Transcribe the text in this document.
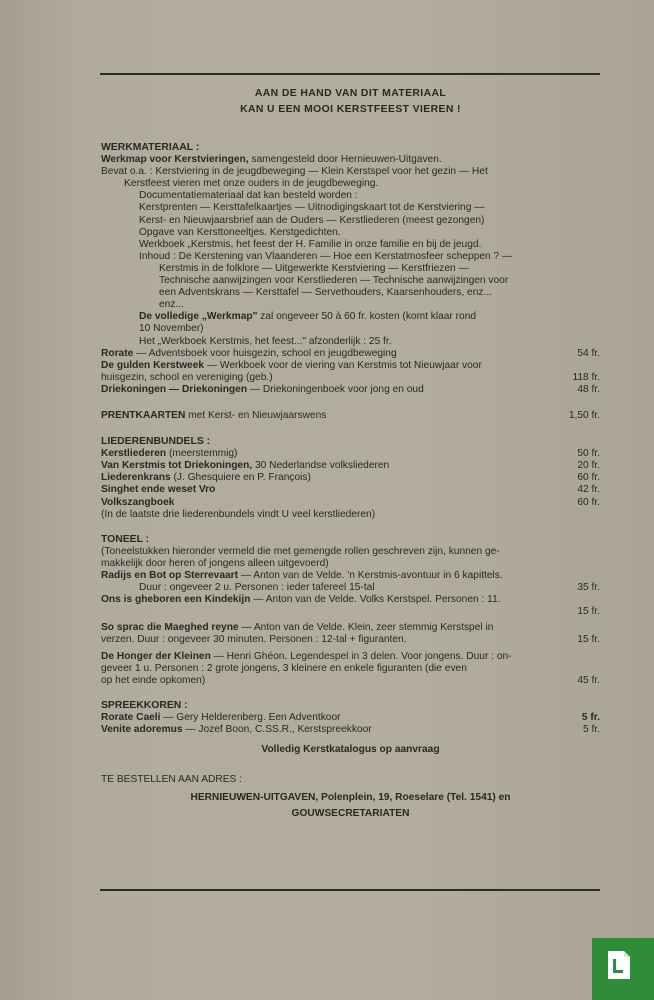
AAN DE HAND VAN DIT MATERIAAL
KAN U EEN MOOI KERSTFEEST VIEREN !
WERKMATERIAAL :
Werkmap voor Kerstvieringen, samengesteld door Hernieuwen-Uitgaven.
Bevat o.a. : Kerstviering in de jeugdbeweging — Klein Kerstspel voor het gezin — Het
Kerstfeest vieren met onze ouders in de jeugdbeweging.
Documentatiemateriaal dat kan besteld worden :
Kerstprenten — Kersttafelkaartjes — Uitnodigingskaart tot de Kerstviering —
Kerst- en Nieuwjaarsbrief aan de Ouders — Kerstliederen (meest gezongen)
Opgave van Kersttoneeltjes. Kerstgedichten.
Werkboek „Kerstmis, het feest der H. Familie in onze familie en bij de jeugd.
Inhoud : De Kerstening van Vlaanderen — Hoe een Kerstatmosfeer scheppen ? —
Kerstmis in de folklore — Uitgewerkte Kerstviering — Kerstfriezen —
Technische aanwijzingen voor Kerstliederen — Technische aanwijzingen voor
een Adventskrans — Kersttafel — Servethouders, Kaarsenhouders, enz...
enz...
De volledige „Werkmap" zal ongeveer 50 à 60 fr. kosten (komt klaar rond
10 November)
Het „Werkboek Kerstmis, het feest..." afzonderlijk : 25 fr.
Rorate — Adventsboek voor huisgezin, school en jeugdbeweging	54 fr.
De gulden Kerstweek — Werkboek voor de viering van Kerstmis tot Nieuwjaar voor
huisgezin, school en vereniging (geb.)	118 fr.
Driekoningen — Driekoningen — Driekoningenboek voor jong en oud	48 fr.
PRENTKAARTEN met Kerst- en Nieuwjaarswens	1,50 fr.
LIEDERENBUNDELS :
Kerstliederen (meerstemmig)	50 fr.
Van Kerstmis tot Driekoningen, 30 Nederlandse volksliederen	20 fr.
Liederenkrans (J. Ghesquiere en P. François)	60 fr.
Singhet ende weset Vro	42 fr.
Volkszangboek	60 fr.
(In de laatste drie liederenbundels vindt U veel kerstliederen)
TONEEL :
(Toneelstukken hieronder vermeld die met gemengde rollen geschreven zijn, kunnen ge-
makkelijk door heren of jongens alleen uitgevoerd)
Radijs en Bot op Sterrevaart — Anton van de Velde. 'n Kerstmis-avontuur in 6 kapittels.
Duur : ongeveer 2 u. Personen : ieder tafereel 15-tal	35 fr.
Ons is gheboren een Kindekijn — Anton van de Velde. Volks Kerstspel. Personen : 11.
15 fr.
So sprac die Maeghed reyne — Anton van de Velde. Klein, zeer stemmig Kerstspel in
verzen. Duur : ongeveer 30 minuten. Personen : 12-tal + figuranten.	15 fr.
De Honger der Kleinen — Henri Ghéon. Legendespel in 3 delen. Voor jongens. Duur : on-
geveer 1 u. Personen : 2 grote jongens, 3 kleinere en enkele figuranten (die even
op het einde opkomen)	45 fr.
SPREEKKOREN :
Rorate Caeli — Gery Helderenberg. Een Adventkoor	5 fr.
Venite adoremus — Jozef Boon, C.SS.R., Kerstspreekkoor	5 fr.
Volledig Kerstkatalogus op aanvraag
TE BESTELLEN AAN ADRES :
HERNIEUWEN-UITGAVEN, Polenplein, 19, Roeselare (Tel. 1541) en
GOUWSECRETARIATEN
